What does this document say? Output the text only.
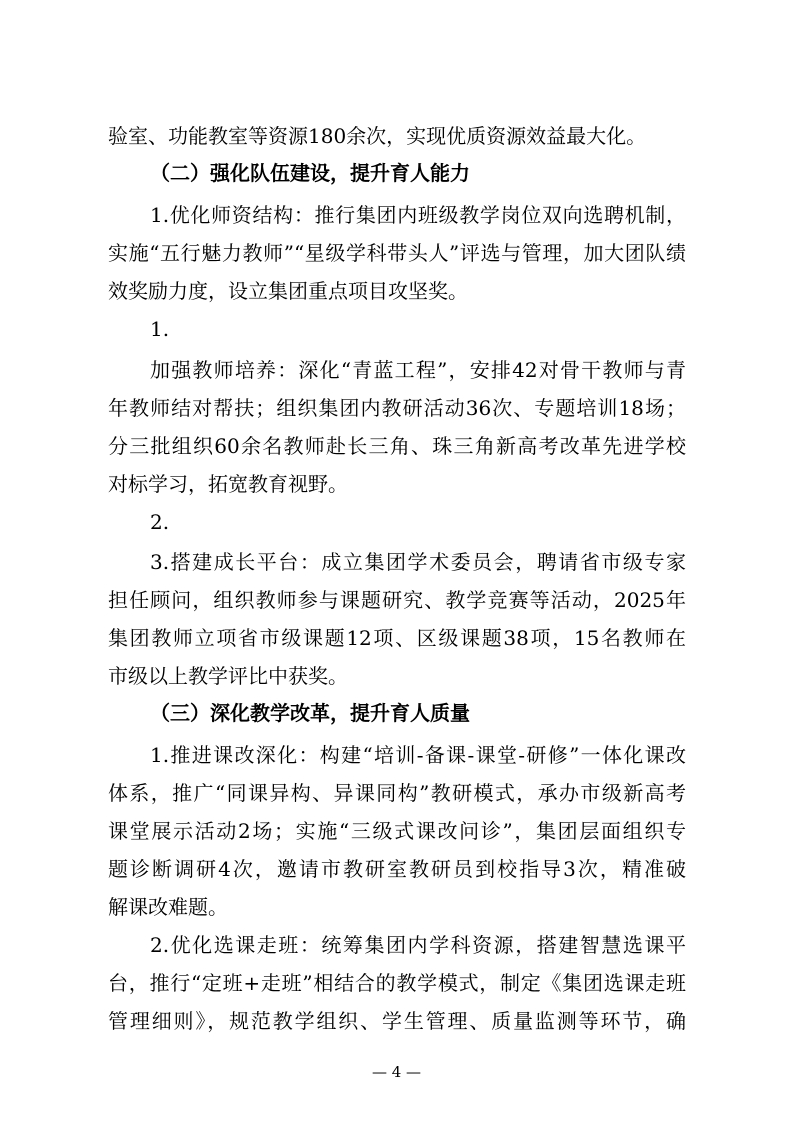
验室、功能教室等资源180余次，实现优质资源效益最大化。
（二）强化队伍建设，提升育人能力
1.优化师资结构：推行集团内班级教学岗位双向选聘机制，
实施“五行魅力教师”“星级学科带头人”评选与管理，加大团队绩
效奖励力度，设立集团重点项目攻坚奖。
1.
加强教师培养：深化“青蓝工程”，安排42对骨干教师与青
年教师结对帮扶；组织集团内教研活动36次、专题培训18场；
分三批组织60余名教师赴长三角、珠三角新高考改革先进学校
对标学习，拓宽教育视野。
2.
3.搭建成长平台：成立集团学术委员会，聘请省市级专家
担任顾问，组织教师参与课题研究、教学竞赛等活动，2025年
集团教师立项省市级课题12项、区级课题38项，15名教师在
市级以上教学评比中获奖。
（三）深化教学改革，提升育人质量
1.推进课改深化：构建“培训-备课-课堂-研修”一体化课改
体系，推广“同课异构、异课同构”教研模式，承办市级新高考
课堂展示活动2场；实施“三级式课改问诊”，集团层面组织专
题诊断调研4次，邀请市教研室教研员到校指导3次，精准破
解课改难题。
2.优化选课走班：统筹集团内学科资源，搭建智慧选课平
台，推行“定班+走班”相结合的教学模式，制定《集团选课走班
管理细则》，规范教学组织、学生管理、质量监测等环节，确
— 4 —
